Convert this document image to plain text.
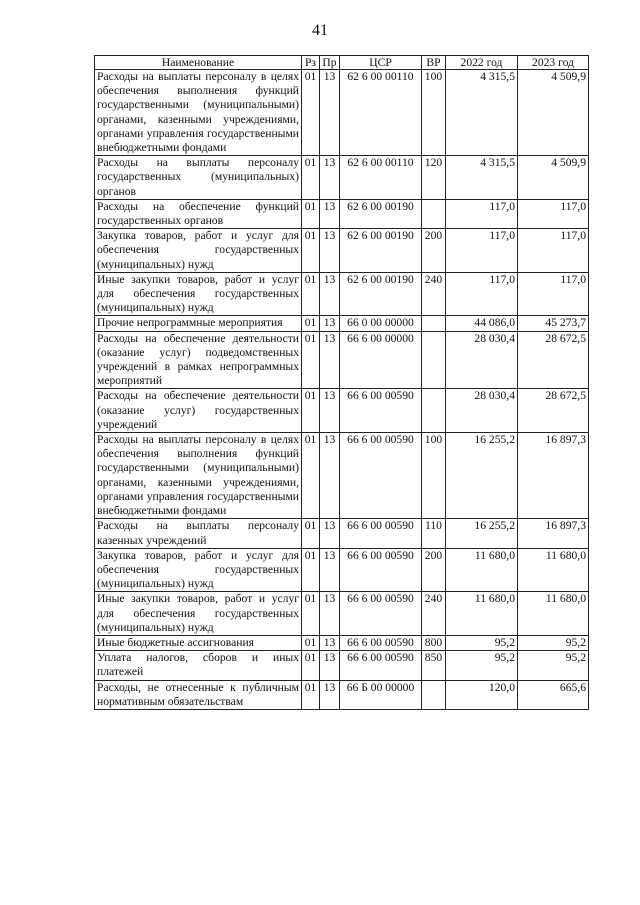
41
Наименование	Рз	Пр	ЦСР	ВР	2022 год	2023 год
Расходы на выплаты персоналу в целях обеспечения выполнения функций государственными (муниципальными) органами, казенными учреждениями, органами управления государственными внебюджетными фондами	01	13	62 6 00 00110	100	4 315,5	4 509,9
Расходы на выплаты персоналу государственных (муниципальных) органов	01	13	62 6 00 00110	120	4 315,5	4 509,9
Расходы на обеспечение функций государственных органов	01	13	62 6 00 00190		117,0	117,0
Закупка товаров, работ и услуг для обеспечения государственных (муниципальных) нужд	01	13	62 6 00 00190	200	117,0	117,0
Иные закупки товаров, работ и услуг для обеспечения государственных (муниципальных) нужд	01	13	62 6 00 00190	240	117,0	117,0
Прочие непрограммные мероприятия	01	13	66 0 00 00000		44 086,0	45 273,7
Расходы на обеспечение деятельности (оказание услуг) подведомственных учреждений в рамках непрограммных мероприятий	01	13	66 6 00 00000		28 030,4	28 672,5
Расходы на обеспечение деятельности (оказание услуг) государственных учреждений	01	13	66 6 00 00590		28 030,4	28 672,5
Расходы на выплаты персоналу в целях обеспечения выполнения функций государственными (муниципальными) органами, казенными учреждениями, органами управления государственными внебюджетными фондами	01	13	66 6 00 00590	100	16 255,2	16 897,3
Расходы на выплаты персоналу казенных учреждений	01	13	66 6 00 00590	110	16 255,2	16 897,3
Закупка товаров, работ и услуг для обеспечения государственных (муниципальных) нужд	01	13	66 6 00 00590	200	11 680,0	11 680,0
Иные закупки товаров, работ и услуг для обеспечения государственных (муниципальных) нужд	01	13	66 6 00 00590	240	11 680,0	11 680,0
Иные бюджетные ассигнования	01	13	66 6 00 00590	800	95,2	95,2
Уплата налогов, сборов и иных платежей	01	13	66 6 00 00590	850	95,2	95,2
Расходы, не отнесенные к публичным нормативным обязательствам	01	13	66 Б 00 00000		120,0	665,6
